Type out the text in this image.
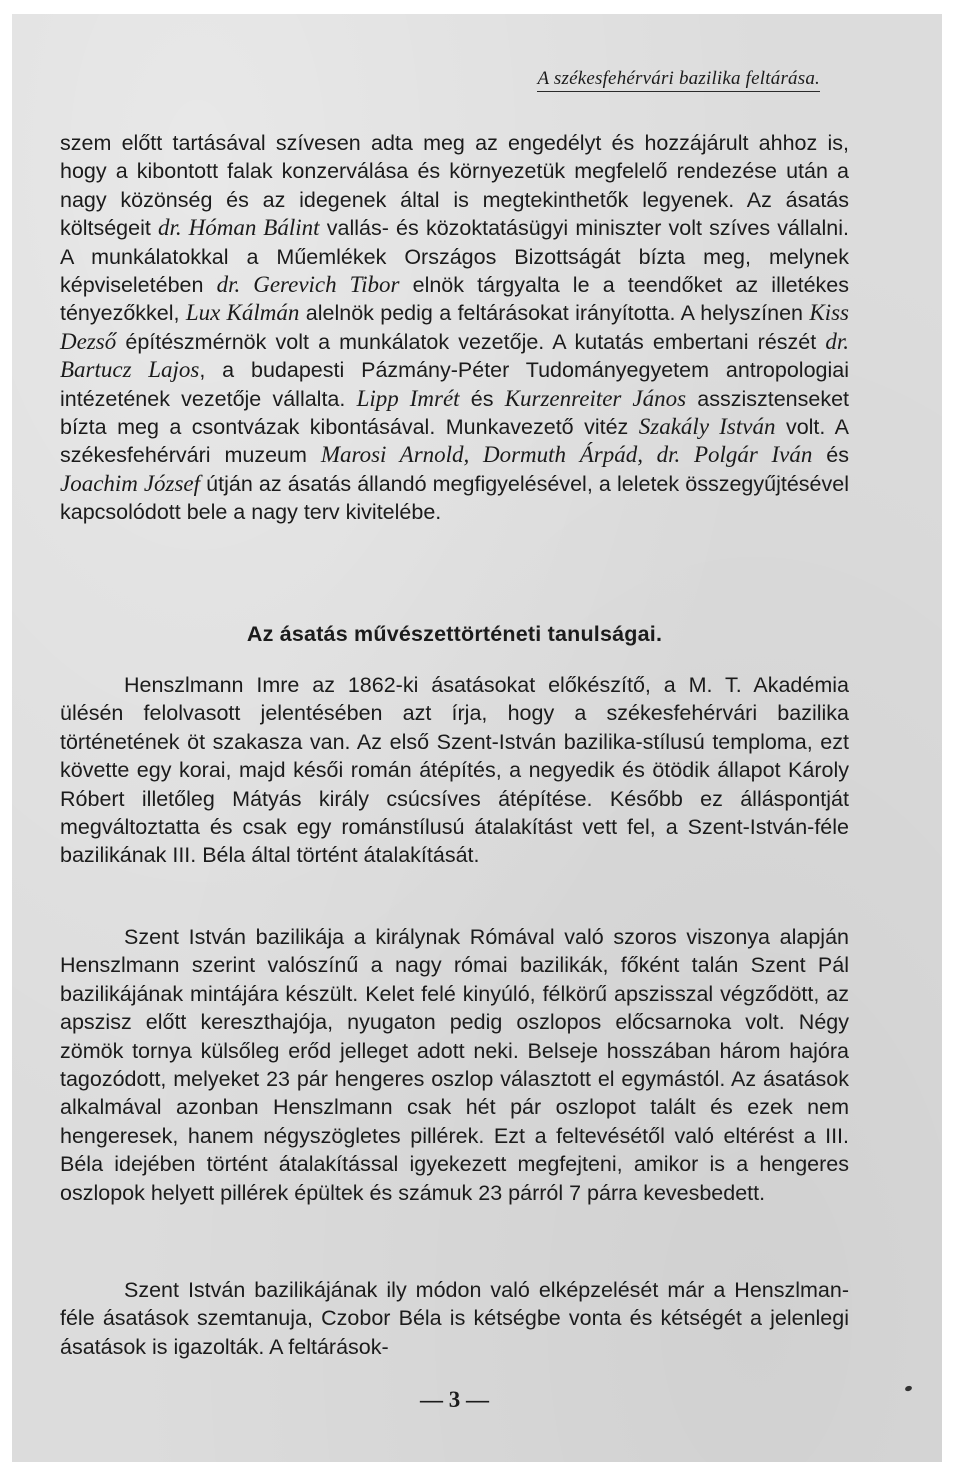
A székesfehérvári bazilika feltárása.
szem előtt tartásával szívesen adta meg az engedélyt és hozzájárult ahhoz is, hogy a kibontott falak konzerválása és környezetük megfelelő rendezése után a nagy közönség és az idegenek által is megtekinthetők legyenek. Az ásatás költségeit dr. Hóman Bálint vallás- és közoktatásügyi miniszter volt szíves vállalni. A munkálatokkal a Műemlékek Országos Bizottságát bízta meg, melynek képviseletében dr. Gerevich Tibor elnök tárgyalta le a teendőket az illetékes tényezőkkel, Lux Kálmán alelnök pedig a feltárásokat irányította. A helyszínen Kiss Dezső építészmérnök volt a munkálatok vezetője. A kutatás embertani részét dr. Bartucz Lajos, a budapesti Pázmány-Péter Tudományegyetem antropologiai intézetének vezetője vállalta. Lipp Imrét és Kurzenreiter János asszisztenseket bízta meg a csontvázak kibontásával. Munkavezető vitéz Szakály István volt. A székesfehérvári muzeum Marosi Arnold, Dormuth Árpád, dr. Polgár Iván és Joachim József útján az ásatás állandó megfigyelésével, a leletek összegyűjtésével kapcsolódott bele a nagy terv kivitelébe.
Az ásatás művészettörténeti tanulságai.
Henszlmann Imre az 1862-ki ásatásokat előkészítő, a M. T. Akadémia ülésén felolvasott jelentésében azt írja, hogy a székesfehérvári bazilika történetének öt szakasza van. Az első Szent-István bazilika-stílusú temploma, ezt követte egy korai, majd késői román átépítés, a negyedik és ötödik állapot Károly Róbert illetőleg Mátyás király csúcsíves átépítése. Később ez álláspontját megváltoztatta és csak egy románstílusú átalakítást vett fel, a Szent-István-féle bazilikának III. Béla által történt átalakítását.
Szent István bazilikája a királynak Rómával való szoros viszonya alapján Henszlmann szerint valószínű a nagy római bazilikák, főként talán Szent Pál bazilikájának mintájára készült. Kelet felé kinyúló, félkörű apszisszal végződött, az apszisz előtt kereszthajója, nyugaton pedig oszlopos előcsarnoka volt. Négy zömök tornya külsőleg erőd jelleget adott neki. Belseje hosszában három hajóra tagozódott, melyeket 23 pár hengeres oszlop választott el egymástól. Az ásatások alkalmával azonban Henszlmann csak hét pár oszlopot talált és ezek nem hengeresek, hanem négyszögletes pillérek. Ezt a feltevésétől való eltérést a III. Béla idejében történt átalakítással igyekezett megfejteni, amikor is a hengeres oszlopok helyett pillérek épültek és számuk 23 párról 7 párra kevesbedett.
Szent István bazilikájának ily módon való elképzelését már a Henszlman-féle ásatások szemtanuja, Czobor Béla is kétségbe vonta és kétségét a jelenlegi ásatások is igazolták. A feltárások-
— 3 —
